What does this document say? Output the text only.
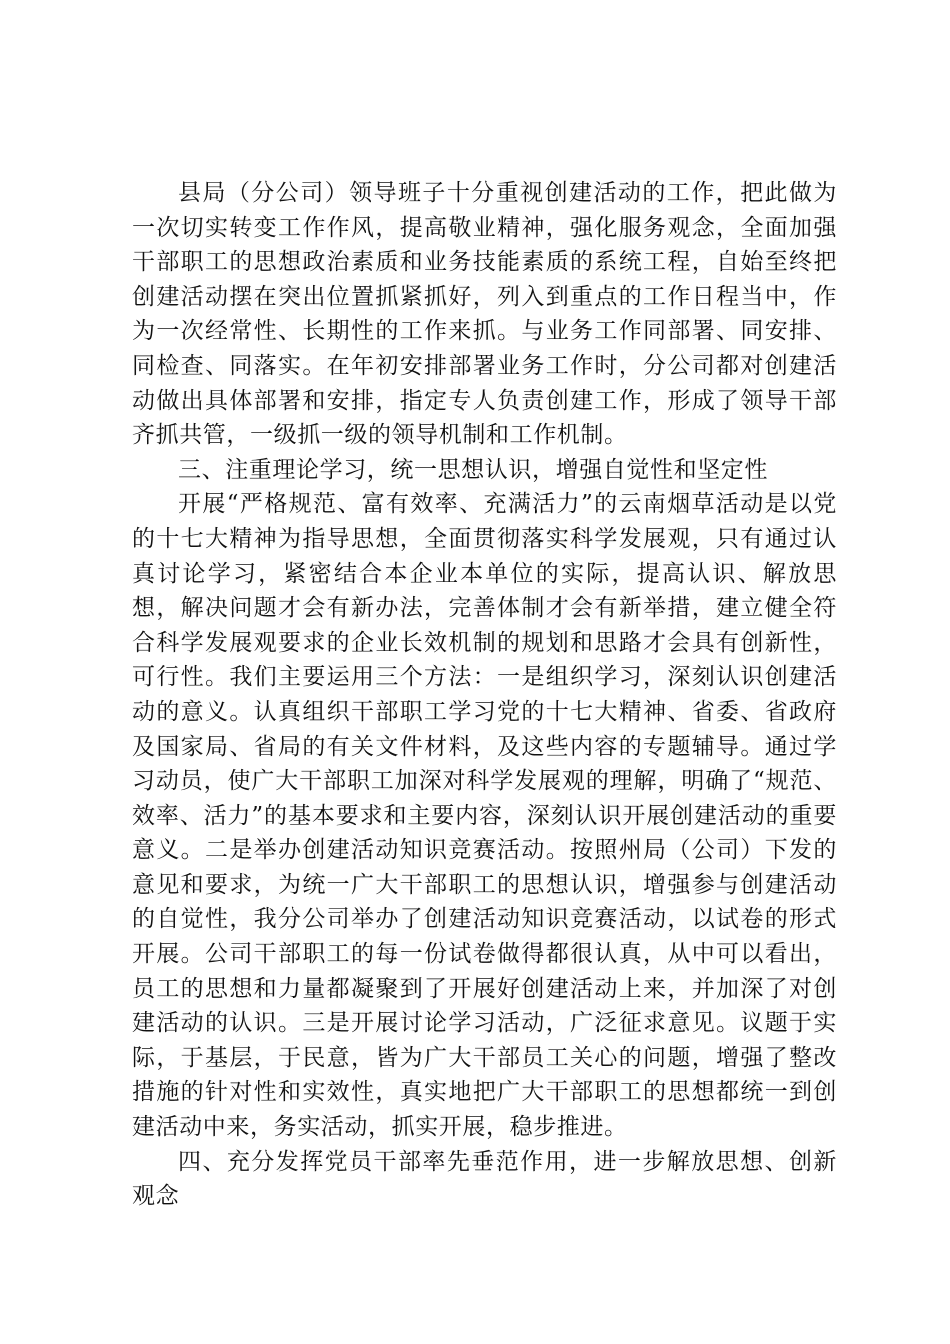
县局（分公司）领导班子十分重视创建活动的工作，把此做为一次切实转变工作作风，提高敬业精神，强化服务观念，全面加强干部职工的思想政治素质和业务技能素质的系统工程，自始至终把创建活动摆在突出位置抓紧抓好，列入到重点的工作日程当中，作为一次经常性、长期性的工作来抓。与业务工作同部署、同安排、同检查、同落实。在年初安排部署业务工作时，分公司都对创建活动做出具体部署和安排，指定专人负责创建工作，形成了领导干部齐抓共管，一级抓一级的领导机制和工作机制。

三、注重理论学习，统一思想认识，增强自觉性和坚定性

开展“严格规范、富有效率、充满活力”的云南烟草活动是以党的十七大精神为指导思想，全面贯彻落实科学发展观，只有通过认真讨论学习，紧密结合本企业本单位的实际，提高认识、解放思想，解决问题才会有新办法，完善体制才会有新举措，建立健全符合科学发展观要求的企业长效机制的规划和思路才会具有创新性，可行性。我们主要运用三个方法：一是组织学习，深刻认识创建活动的意义。认真组织干部职工学习党的十七大精神、省委、省政府及国家局、省局的有关文件材料，及这些内容的专题辅导。通过学习动员，使广大干部职工加深对科学发展观的理解，明确了“规范、效率、活力”的基本要求和主要内容，深刻认识开展创建活动的重要意义。二是举办创建活动知识竞赛活动。按照州局（公司）下发的意见和要求，为统一广大干部职工的思想认识，增强参与创建活动的自觉性，我分公司举办了创建活动知识竞赛活动，以试卷的形式开展。公司干部职工的每一份试卷做得都很认真，从中可以看出，员工的思想和力量都凝聚到了开展好创建活动上来，并加深了对创建活动的认识。三是开展讨论学习活动，广泛征求意见。议题于实际，于基层，于民意，皆为广大干部员工关心的问题，增强了整改措施的针对性和实效性，真实地把广大干部职工的思想都统一到创建活动中来，务实活动，抓实开展，稳步推进。

四、充分发挥党员干部率先垂范作用，进一步解放思想、创新观念
